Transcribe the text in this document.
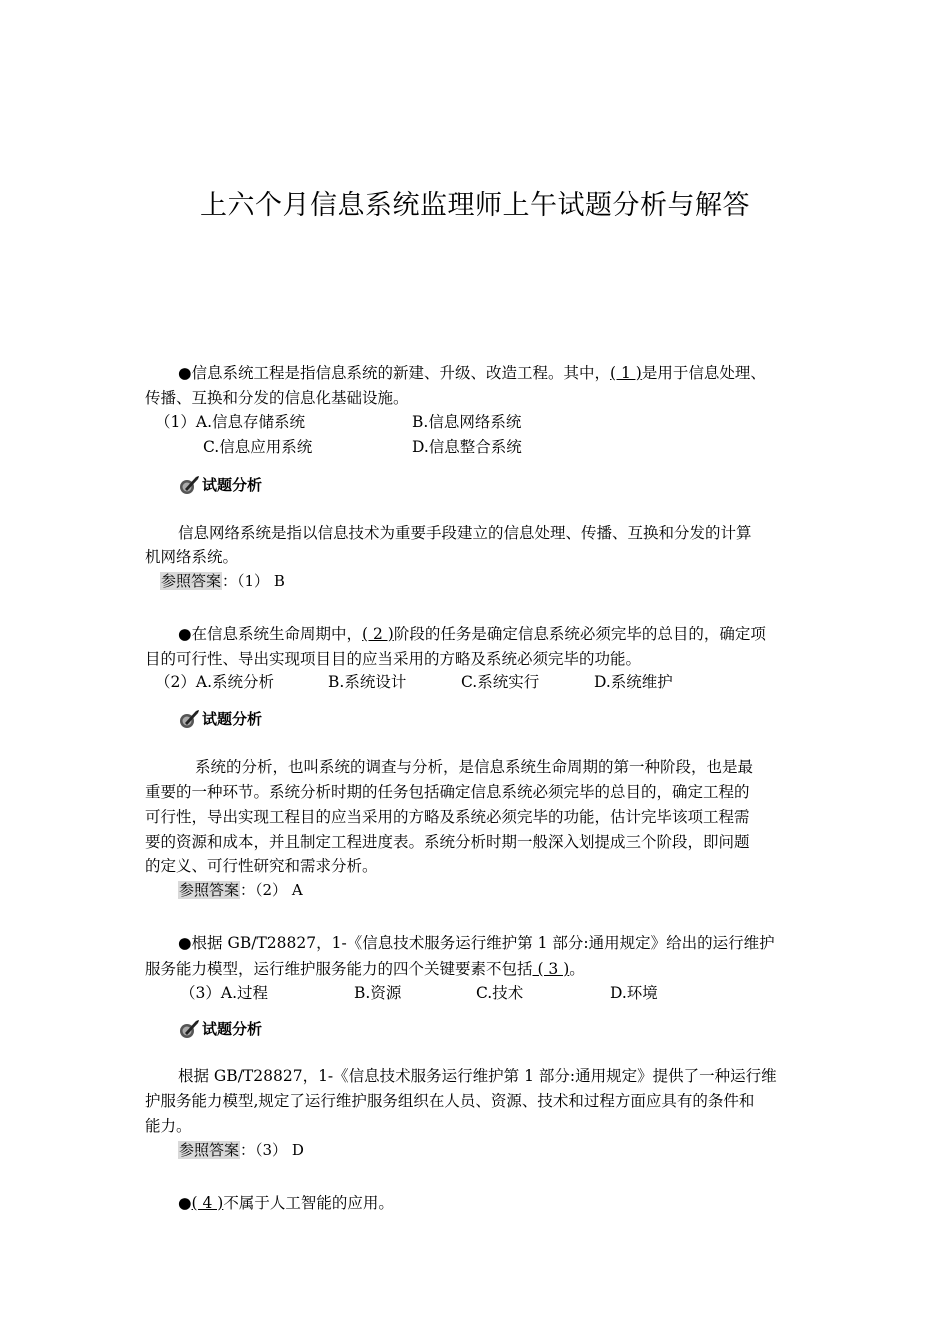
上六个月信息系统监理师上午试题分析与解答
●信息系统工程是指信息系统的新建、升级、改造工程。其中，( 1 )是用于信息处理、
传播、互换和分发的信息化基础设施。
（1）A.信息存储系统	B.信息网络系统
C.信息应用系统	D.信息整合系统
试题分析
信息网络系统是指以信息技术为重要手段建立的信息处理、传播、互换和分发的计算
机网络系统。
参照答案：（1） B
●在信息系统生命周期中，( 2 )阶段的任务是确定信息系统必须完毕的总目的，确定项
目的可行性、导出实现项目目的应当采用的方略及系统必须完毕的功能。
（2）A.系统分析	B.系统设计	C.系统实行	D.系统维护
试题分析
系统的分析，也叫系统的调查与分析，是信息系统生命周期的第一种阶段，也是最
重要的一种环节。系统分析时期的任务包括确定信息系统必须完毕的总目的，确定工程的
可行性，导出实现工程目的应当采用的方略及系统必须完毕的功能，估计完毕该项工程需
要的资源和成本，并且制定工程进度表。系统分析时期一般深入划提成三个阶段，即问题
的定义、可行性研究和需求分析。
参照答案：（2） A
●根据 GB/T28827，1-《信息技术服务运行维护第 1 部分:通用规定》给出的运行维护
服务能力模型，运行维护服务能力的四个关键要素不包括 ( 3 )。
（3）A.过程	B.资源	C.技术	D.环境
试题分析
根据 GB/T28827，1-《信息技术服务运行维护第 1 部分:通用规定》提供了一种运行维
护服务能力模型,规定了运行维护服务组织在人员、资源、技术和过程方面应具有的条件和
能力。
参照答案：（3） D
●( 4 )不属于人工智能的应用。
